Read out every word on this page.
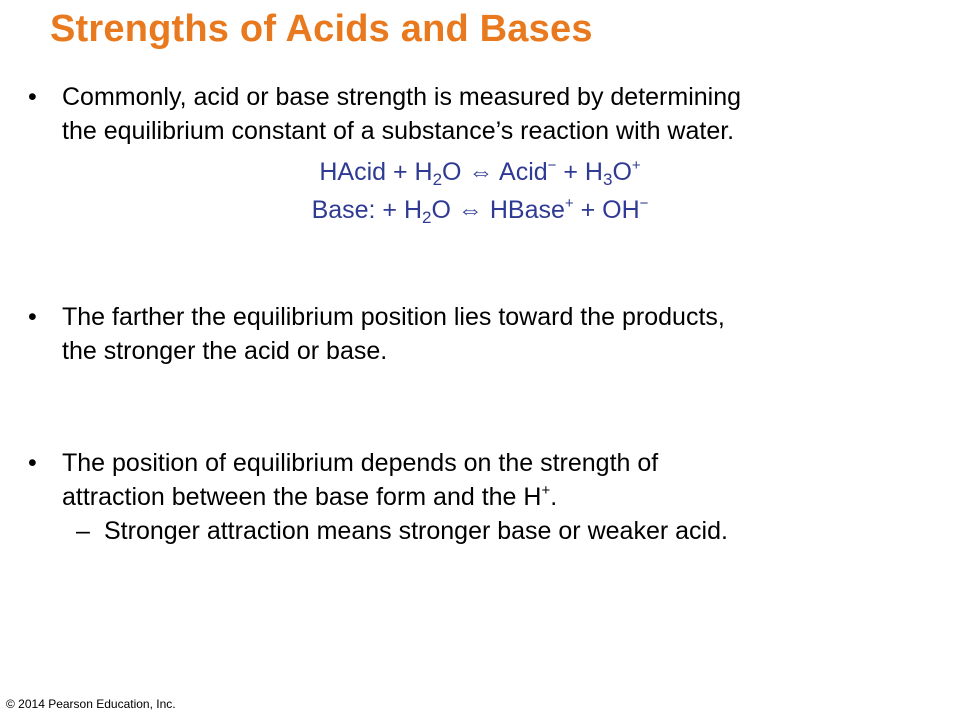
Strengths of Acids and Bases
•	Commonly, acid or base strength is measured by determining
the equilibrium constant of a substance’s reaction with water.
HAcid + $H_2O$ ⇔ Acid− + $H_3O^+$
Base: + $H_2O$ ⇔ HBase+ + OH−
•	The farther the equilibrium position lies toward the products,
the stronger the acid or base.
•	The position of equilibrium depends on the strength of
attraction between the base form and the H+.
– Stronger attraction means stronger base or weaker acid.
© 2014 Pearson Education, Inc.
